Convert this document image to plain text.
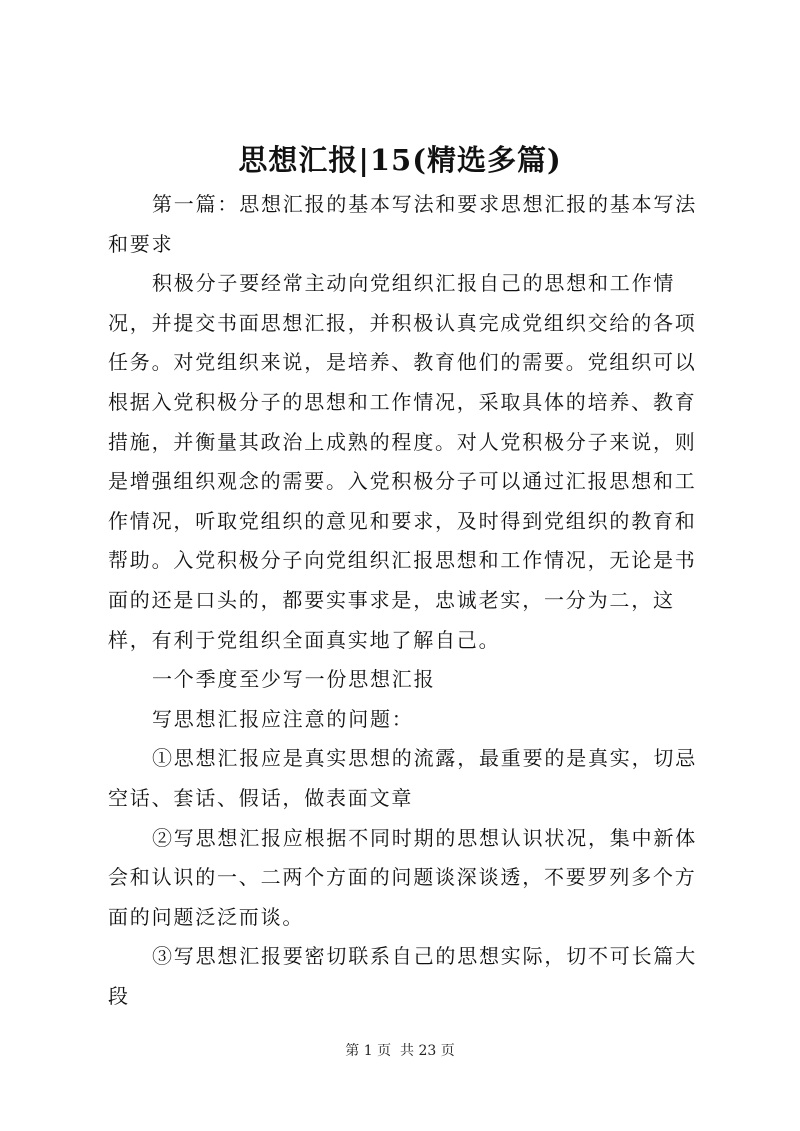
思想汇报|15(精选多篇)

第一篇：思想汇报的基本写法和要求思想汇报的基本写法和要求

积极分子要经常主动向党组织汇报自己的思想和工作情况，并提交书面思想汇报，并积极认真完成党组织交给的各项任务。对党组织来说，是培养、教育他们的需要。党组织可以根据入党积极分子的思想和工作情况，采取具体的培养、教育措施，并衡量其政治上成熟的程度。对人党积极分子来说，则是增强组织观念的需要。入党积极分子可以通过汇报思想和工作情况，听取党组织的意见和要求，及时得到党组织的教育和帮助。入党积极分子向党组织汇报思想和工作情况，无论是书面的还是口头的，都要实事求是，忠诚老实，一分为二，这样，有利于党组织全面真实地了解自己。

一个季度至少写一份思想汇报

写思想汇报应注意的问题：

①思想汇报应是真实思想的流露，最重要的是真实，切忌空话、套话、假话，做表面文章

②写思想汇报应根据不同时期的思想认识状况，集中新体会和认识的一、二两个方面的问题谈深谈透，不要罗列多个方面的问题泛泛而谈。

③写思想汇报要密切联系自己的思想实际，切不可长篇大段

第 1 页  共 23 页
